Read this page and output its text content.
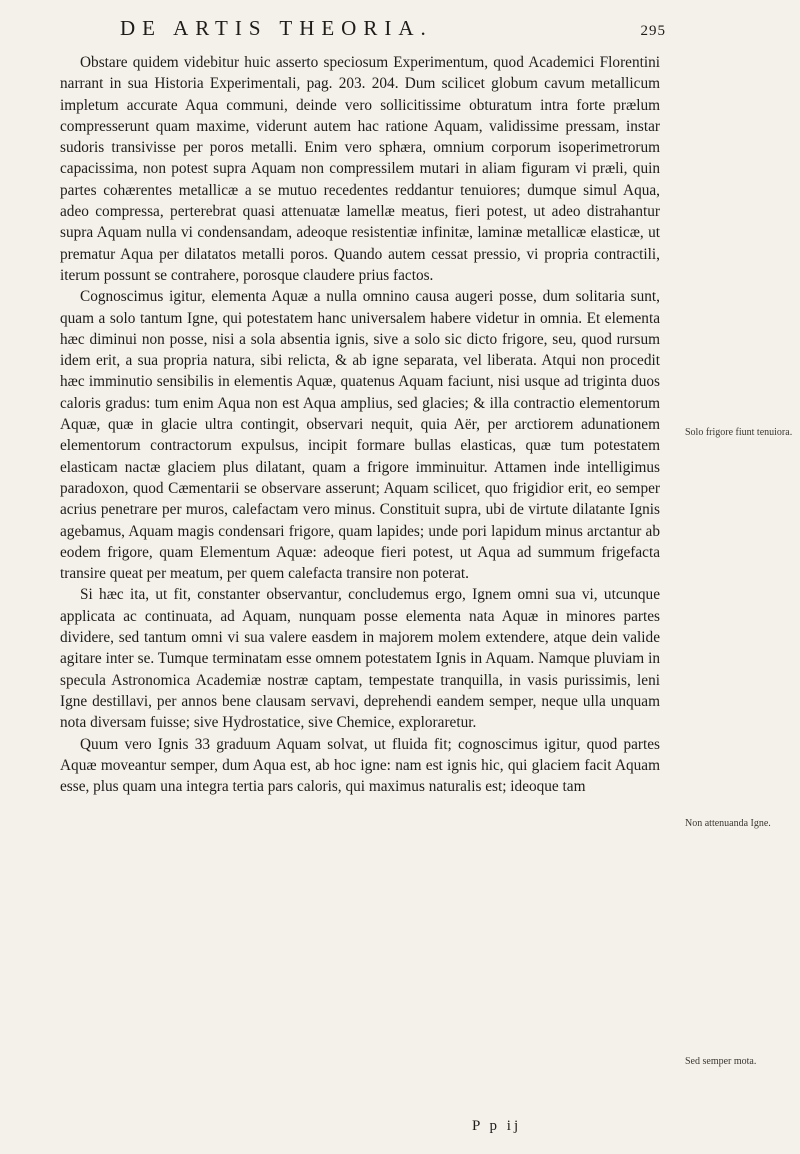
DE ARTIS THEORIA.	295

Obstare quidem videbitur huic asserto speciosum Experimentum, quod Academici Florentini narrant in sua Historia Experimentali, pag. 203. 204. Dum scilicet globum cavum metallicum impletum accurate Aqua communi, deinde vero sollicitissime obturatum intra forte prælum compresserunt quam maxime, viderunt autem hac ratione Aquam, validissime pressam, instar sudoris transivisse per poros metalli. Enim vero sphæra, omnium corporum isoperimetrorum capacissima, non potest supra Aquam non compressilem mutari in aliam figuram vi præli, quin partes cohærentes metallicæ a se mutuo recedentes reddantur tenuiores; dumque simul Aqua, adeo compressa, perterebrat quasi attenuatæ lamellæ meatus, fieri potest, ut adeo distrahantur supra Aquam nulla vi condensandam, adeoque resistentiæ infinitæ, laminæ metallicæ elasticæ, ut prematur Aqua per dilatatos metalli poros. Quando autem cessat pressio, vi propria contractili, iterum possunt se contrahere, porosque claudere prius factos.

Cognoscimus igitur, elementa Aquæ a nulla omnino causa augeri posse, dum solitaria sunt, quam a solo tantum Igne, qui potestatem hanc universalem habere videtur in omnia. Et elementa hæc diminui non posse, nisi a sola absentia ignis, sive a solo sic dicto frigore, seu, quod rursum idem erit, a sua propria natura, sibi relicta, & ab igne separata, vel liberata. Atqui non procedit hæc imminutio sensibilis in elementis Aquæ, quatenus Aquam faciunt, nisi usque ad triginta duos caloris gradus: tum enim Aqua non est Aqua amplius, sed glacies; & illa contractio elementorum Aquæ, quæ in glacie ultra contingit, observari nequit, quia Aër, per arctiorem adunationem elementorum contractorum expulsus, incipit formare bullas elasticas, quæ tum potestatem elasticam nactæ glaciem plus dilatant, quam a frigore imminuitur. Attamen inde intelligimus paradoxon, quod Cæmentarii se observare asserunt; Aquam scilicet, quo frigidior erit, eo semper acrius penetrare per muros, calefactam vero minus. Constituit supra, ubi de virtute dilatante Ignis agebamus, Aquam magis condensari frigore, quam lapides; unde pori lapidum minus arctantur ab eodem frigore, quam Elementum Aquæ: adeoque fieri potest, ut Aqua ad summum frigefacta transire queat per meatum, per quem calefacta transire non poterat.

Si hæc ita, ut fit, constanter observantur, concludemus ergo, Ignem omni sua vi, utcunque applicata ac continuata, ad Aquam, nunquam posse elementa nata Aquæ in minores partes dividere, sed tantum omni vi sua valere easdem in majorem molem extendere, atque dein valide agitare inter se. Tumque terminatam esse omnem potestatem Ignis in Aquam. Namque pluviam in specula Astronomica Academiæ nostræ captam, tempestate tranquilla, in vasis purissimis, leni Igne destillavi, per annos bene clausam servavi, deprehendi eandem semper, neque ulla unquam nota diversam fuisse; sive Hydrostatice, sive Chemice, exploraretur.

Quum vero Ignis 33 graduum Aquam solvat, ut fluida fit; cognoscimus igitur, quod partes Aquæ moveantur semper, dum Aqua est, ab hoc igne: nam est ignis hic, qui glaciem facit Aquam esse, plus quam una integra tertia pars caloris, qui maximus naturalis est; ideoque tam

Solo frigore fiunt tenuiora.
Non attenuanda Igne.
Sed semper mota.
P p ij
